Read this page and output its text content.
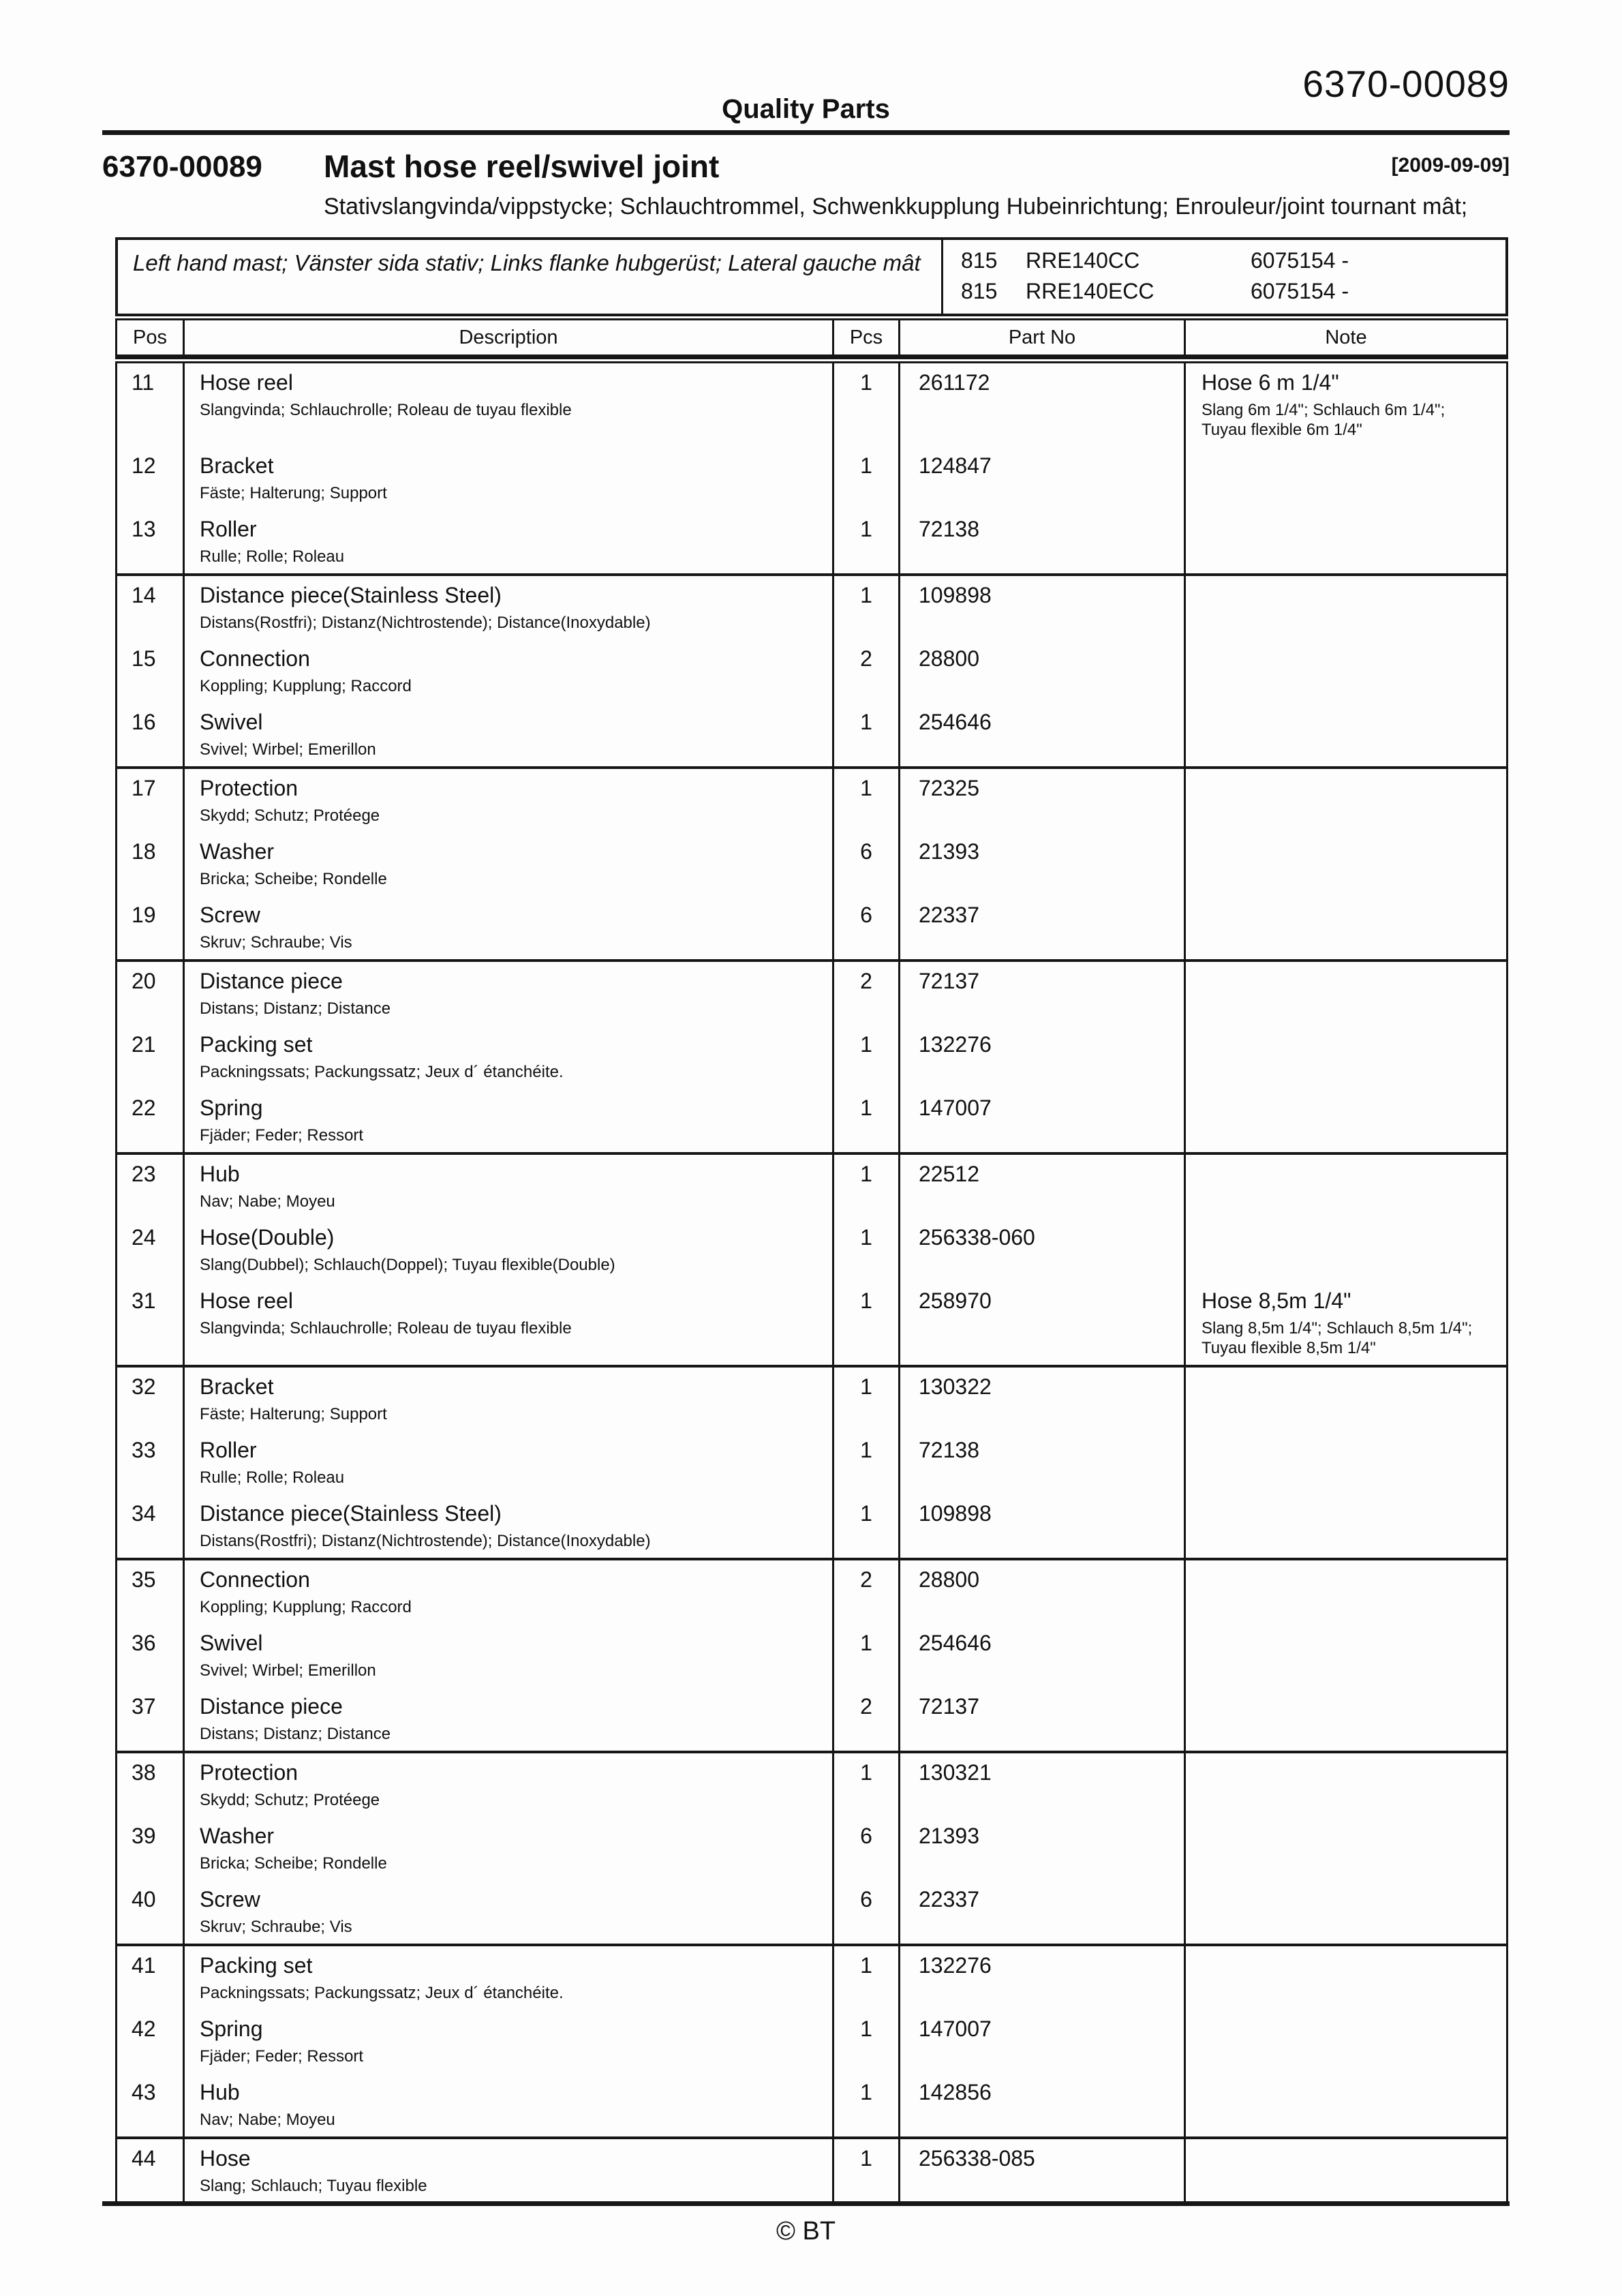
Quality Parts
6370-00089
6370-00089	Mast hose reel/swivel joint
Stativslangvinda/vippstycke; Schlauchtrommel, Schwenkkupplung Hubeinrichtung; Enrouleur/joint tournant mât;
[2009-09-09]
Left hand mast; Vänster sida stativ; Links flanke hubgerüst; Lateral gauche mât	815	RRE140CC	6075154 -
815	RRE140ECC	6075154 -
Pos	Description	Pcs	Part No	Note
11	Hose reel
Slangvinda; Schlauchrolle; Roleau de tuyau flexible
1	261172	Hose 6 m 1/4"
Slang 6m 1/4"; Schlauch 6m 1/4"; Tuyau flexible 6m 1/4"
12	Bracket
Fäste; Halterung; Support
1	124847
13	Roller
Rulle; Rolle; Roleau
1	72138
14	Distance piece(Stainless Steel)
Distans(Rostfri); Distanz(Nichtrostende); Distance(Inoxydable)
1	109898
15	Connection
Koppling; Kupplung; Raccord
2	28800
16	Swivel
Svivel; Wirbel; Emerillon
1	254646
17	Protection
Skydd; Schutz; Protéege
1	72325
18	Washer
Bricka; Scheibe; Rondelle
6	21393
19	Screw
Skruv; Schraube; Vis
6	22337
20	Distance piece
Distans; Distanz; Distance
2	72137
21	Packing set
Packningssats; Packungssatz; Jeux d´ étanchéite.
1	132276
22	Spring
Fjäder; Feder; Ressort
1	147007
23	Hub
Nav; Nabe; Moyeu
1	22512
24	Hose(Double)
Slang(Dubbel); Schlauch(Doppel); Tuyau flexible(Double)
1	256338-060
31	Hose reel
Slangvinda; Schlauchrolle; Roleau de tuyau flexible
1	258970	Hose 8,5m 1/4"
Slang 8,5m 1/4"; Schlauch 8,5m 1/4"; Tuyau flexible 8,5m 1/4"
32	Bracket
Fäste; Halterung; Support
1	130322
33	Roller
Rulle; Rolle; Roleau
1	72138
34	Distance piece(Stainless Steel)
Distans(Rostfri); Distanz(Nichtrostende); Distance(Inoxydable)
1	109898
35	Connection
Koppling; Kupplung; Raccord
2	28800
36	Swivel
Svivel; Wirbel; Emerillon
1	254646
37	Distance piece
Distans; Distanz; Distance
2	72137
38	Protection
Skydd; Schutz; Protéege
1	130321
39	Washer
Bricka; Scheibe; Rondelle
6	21393
40	Screw
Skruv; Schraube; Vis
6	22337
41	Packing set
Packningssats; Packungssatz; Jeux d´ étanchéite.
1	132276
42	Spring
Fjäder; Feder; Ressort
1	147007
43	Hub
Nav; Nabe; Moyeu
1	142856
44	Hose
Slang; Schlauch; Tuyau flexible
1	256338-085
© BT
